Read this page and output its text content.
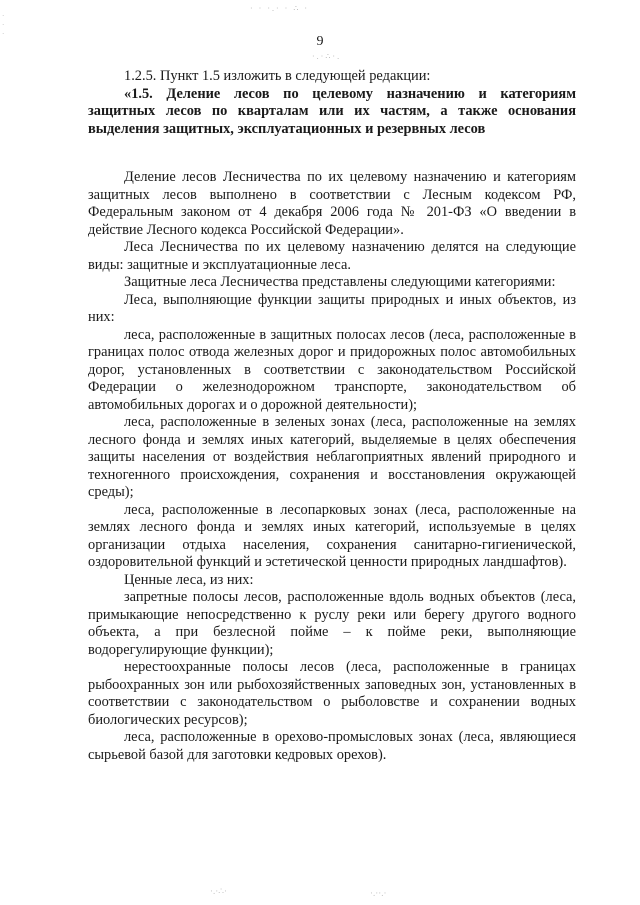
· · ·.· · ∴ ·
·.·∴·.
·
·
·	9

1.2.5. Пункт 1.5 изложить в следующей редакции:

«1.5. Деление лесов по целевому назначению и категориям защитных лесов по кварталам или их частям, а также основания выделения защитных, эксплуатационных и резервных лесов

Деление лесов Лесничества по их целевому назначению и категориям защитных лесов выполнено в соответствии с Лесным кодексом РФ, Федеральным законом от 4 декабря 2006 года № 201-ФЗ «О введении в действие Лесного кодекса Российской Федерации».

Леса Лесничества по их целевому назначению делятся на следующие виды: защитные и эксплуатационные леса.

Защитные леса Лесничества представлены следующими категориями:

Леса, выполняющие функции защиты природных и иных объектов, из них:

леса, расположенные в защитных полосах лесов (леса, расположенные в границах полос отвода железных дорог и придорожных полос автомобильных дорог, установленных в соответствии с законодательством Российской Федерации о железнодорожном транспорте, законодательством об автомобильных дорогах и о дорожной деятельности);

леса, расположенные в зеленых зонах (леса, расположенные на землях лесного фонда и землях иных категорий, выделяемые в целях обеспечения защиты населения от воздействия неблагоприятных явлений природного и техногенного происхождения, сохранения и восстановления окружающей среды);

леса, расположенные в лесопарковых зонах (леса, расположенные на землях лесного фонда и землях иных категорий, используемые в целях организации отдыха населения, сохранения санитарно-гигиенической, оздоровительной функций и эстетической ценности природных ландшафтов).

Ценные леса, из них:

запретные полосы лесов, расположенные вдоль водных объектов (леса, примыкающие непосредственно к руслу реки или берегу другого водного объекта, а при безлесной пойме – к пойме реки, выполняющие водорегулирующие функции);

нерестоохранные полосы лесов (леса, расположенные в границах рыбоохранных зон или рыбохозяйственных заповедных зон, установленных в соответствии с законодательством о рыболовстве и сохранении водных биологических ресурсов);

леса, расположенные в орехово-промысловых зонах (леса, являющиеся сырьевой базой для заготовки кедровых орехов).

·.·∴·	·.··.·
